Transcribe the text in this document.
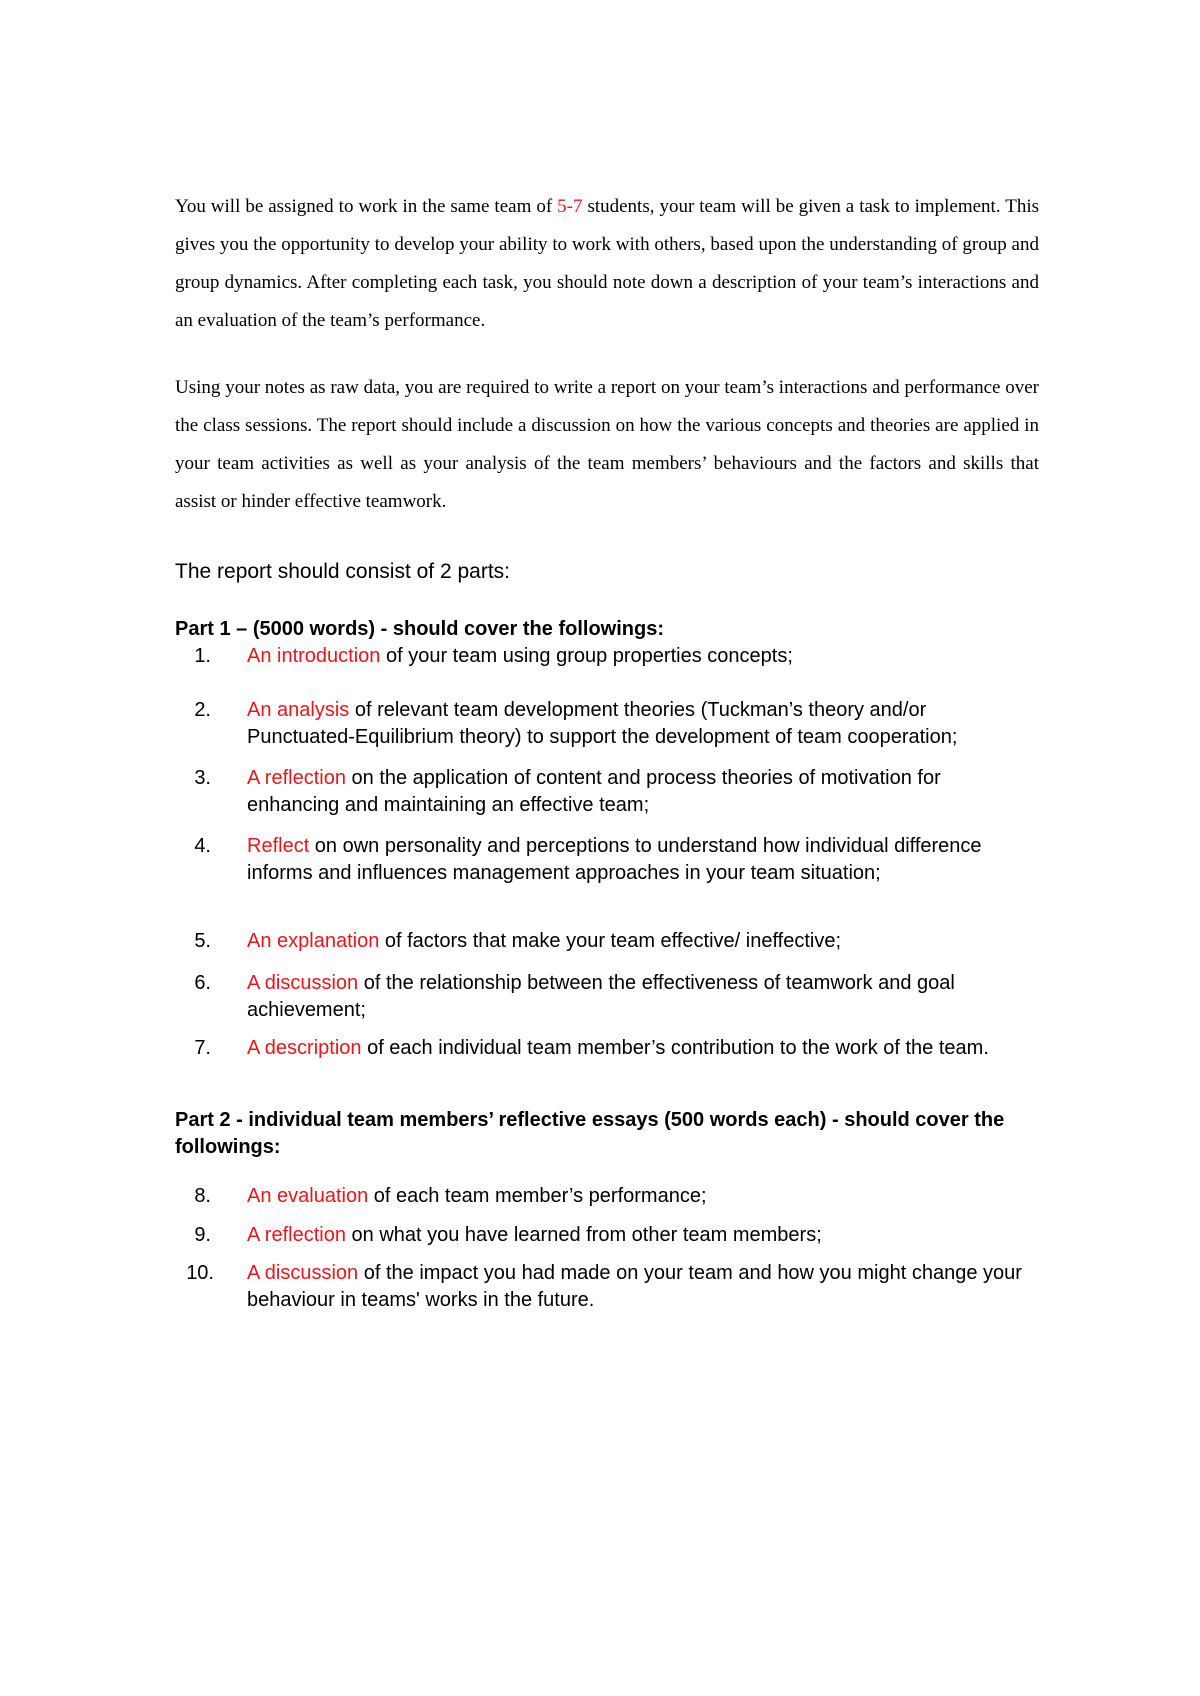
You will be assigned to work in the same team of 5-7 students, your team will be given a task to implement. This gives you the opportunity to develop your ability to work with others, based upon the understanding of group and group dynamics. After completing each task, you should note down a description of your team’s interactions and an evaluation of the team’s performance.

Using your notes as raw data, you are required to write a report on your team’s interactions and performance over the class sessions. The report should include a discussion on how the various concepts and theories are applied in your team activities as well as your analysis of the team members’ behaviours and the factors and skills that assist or hinder effective teamwork.

The report should consist of 2 parts:

Part 1 – (5000 words) - should cover the followings:

1. An introduction of your team using group properties concepts;
2. An analysis of relevant team development theories (Tuckman’s theory and/or Punctuated-Equilibrium theory) to support the development of team cooperation;
3. A reflection on the application of content and process theories of motivation for enhancing and maintaining an effective team;
4. Reflect on own personality and perceptions to understand how individual difference informs and influences management approaches in your team situation;
5. An explanation of factors that make your team effective/ ineffective;
6. A discussion of the relationship between the effectiveness of teamwork and goal achievement;
7. A description of each individual team member’s contribution to the work of the team.

Part 2 - individual team members’ reflective essays (500 words each) - should cover the followings:

8. An evaluation of each team member’s performance;
9. A reflection on what you have learned from other team members;
10. A discussion of the impact you had made on your team and how you might change your behaviour in teams' works in the future.
